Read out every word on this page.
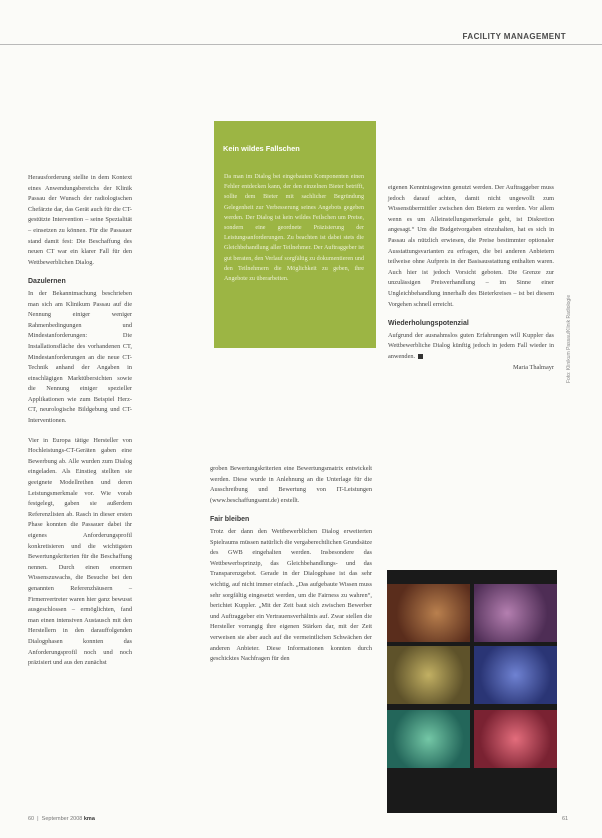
FACILITY MANAGEMENT

Herausforderung stellte in dem Kontext eines Anwendungsbereichs der Klinik Passau der Wunsch der radiologischen Chefärzte dar, das Gerät auch für die CT-gestützte Intervention – seine Spezialität – einsetzen zu können. Für die Passauer stand damit fest: Die Beschaffung des neuen CT war ein klarer Fall für den Wettbewerblichen Dialog.

Dazulernen

In der Bekanntmachung beschrieben man sich am Klinikum Passau auf die Nennung einiger weniger Rahmenbedingungen und Mindestanforderungen: Die Installationsfläche des vorhandenen CT, Mindestanforderungen an die neue CT-Technik anhand der Angaben in einschlägigen Marktübersichten sowie die Nennung einiger spezieller Applikationen wie zum Beispiel Herz-CT, neurologische Bildgebung und CT-Interventionen.

Vier in Europa tätige Hersteller von Hochleistungs-CT-Geräten gaben eine Bewerbung ab. Alle wurden zum Dialog eingeladen. Als Einstieg stellten sie geeignete Modellreihen und deren Leistungsmerkmale vor. Wie vorab festgelegt, gaben sie außerdem Referenzlisten ab. Rasch in dieser ersten Phase konnten die Passauer dabei ihr eigenes Anforderungsprofil konkretisieren und die wichtigsten Bewertungskriterien für die Beschaffung nennen. Durch einen enormen Wissenszuwachs, die Besuche bei den genannten Referenzhäusern – Firmenvertreter waren hier ganz bewusst ausgeschlossen – ermöglichten, fand man einen intensiven Austausch mit den Herstellern in den darauffolgenden Dialogphasen konnten das Anforderungsprofil noch und noch präzisiert und aus den zunächst

Kein wildes Fallschen
Da man im Dialog bei eingebauten Komponenten einen Fehler entdecken kann, der den einzelnen Bieter betrifft, sollte dem Bieter mit sachlicher Begründung Gelegenheit zur Verbesserung seines Angebots gegeben werden. Der Dialog ist kein wildes Feilschen um Preise, sondern eine geordnete Präzisierung der Leistungsanforderungen. Zu beachten ist dabei stets die Gleichbehandlung aller Teilnehmer. Der Auftraggeber ist gut beraten, den Verlauf sorgfältig zu dokumentieren und den Teilnehmern die Möglichkeit zu geben, ihre Angebote zu überarbeiten.

groben Bewertungskriterien eine Bewertungsmatrix entwickelt werden. Diese wurde in Anlehnung an die Unterlage für die Ausschreibung und Bewertung von IT-Leistungen (www.beschaffungsamt.de) erstellt.

Fair bleiben

Trotz der dann den Wettbewerblichen Dialog erweiterten Spielraums müssen natürlich die vergaberechtlichen Grundsätze des GWB eingehalten werden. Insbesondere das Wettbewerbsprinzip, das Gleichbehandlungs- und das Transparenzgebot. Gerade in der Dialogphase ist das sehr wichtig, auf nicht immer einfach. „Das aufgebaute Wissen muss sehr sorgfältig eingesetzt werden, um die Fairness zu wahren“, berichtet Kuppler. „Mit der Zeit baut sich zwischen Bewerber und Auftraggeber ein Vertrauensverhältnis auf. Zwar stellen die Hersteller vorrangig ihre eigenen Stärken dar, mit der Zeit verweisen sie aber auch auf die vermeintlichen Schwächen der anderen Anbieter. Diese Informationen konnten durch geschicktes Nachfragen für den

eigenen Kenntnisgewinn genutzt werden. Der Auftraggeber muss jedoch darauf achten, damit nicht ungewollt zum Wissensübermittler zwischen den Bietern zu werden. Vor allem wenn es um Alleinstellungsmerkmale geht, ist Diskretion angesagt.“ Um die Budgetvorgaben einzuhalten, hat es sich in Passau als nützlich erwiesen, die Preise bestimmter optionaler Ausstattungsvarianten zu erfragen, die bei anderen Anbietern teilweise ohne Aufpreis in der Basisausstattung enthalten waren. Auch hier ist jedoch Vorsicht geboten. Die Grenze zur unzulässigen Preisverhandlung – im Sinne einer Ungleichbehandlung innerhalb des Bieterkreises – ist bei diesem Vorgehen schnell erreicht.

Wiederholungspotenzial

Aufgrund der ausnahmslos guten Erfahrungen will Kuppler das Wettbewerbliche Dialog künftig jedoch in jedem Fall wieder in anwenden.

Maria Thalmayr Foto: Klinikum Passau/Klinik Radiologie
60  |  September 2008 kma	61
